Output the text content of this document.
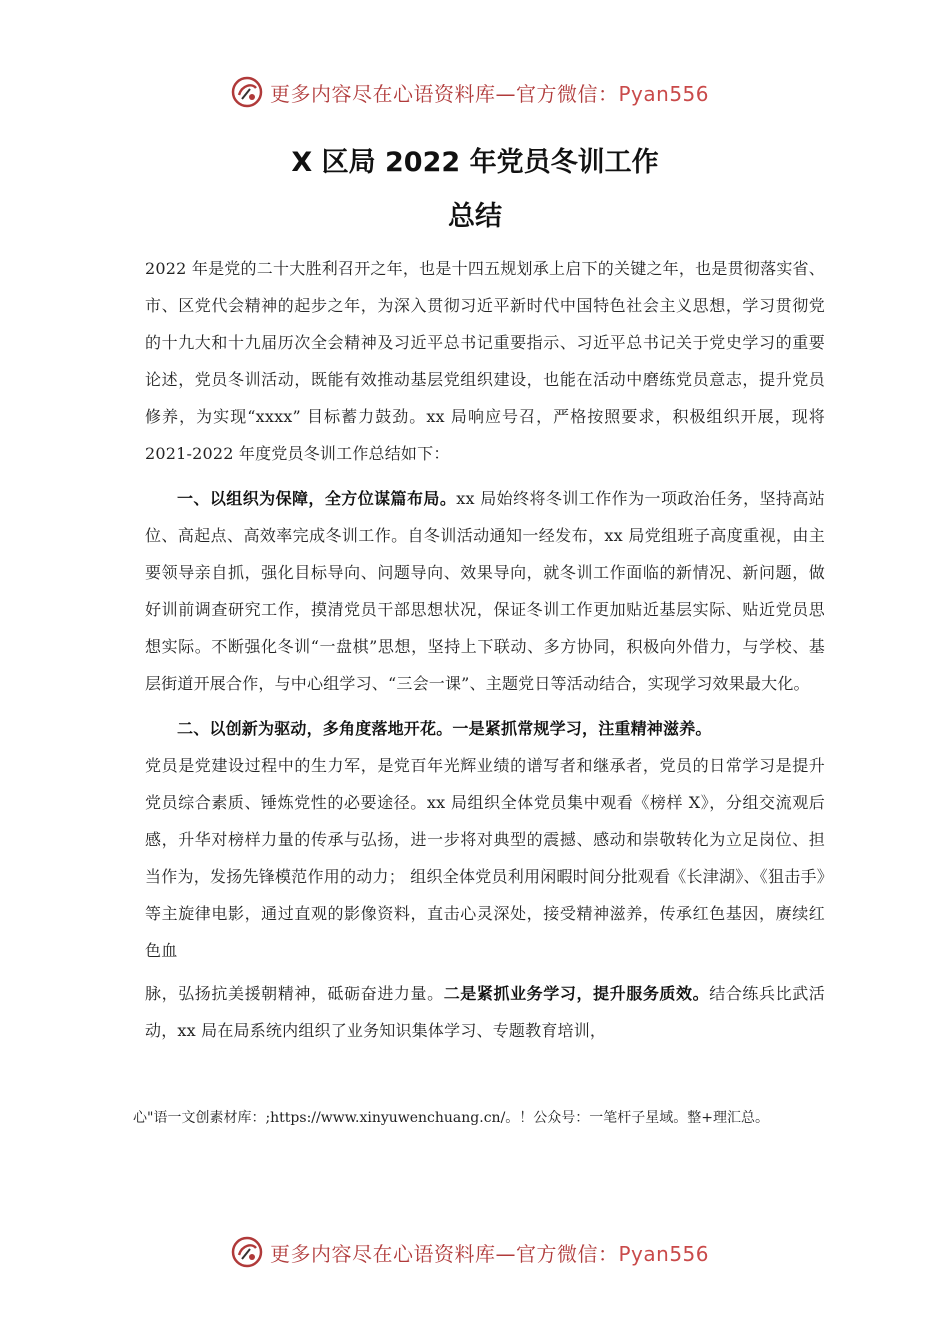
更多内容尽在心语资料库—官方微信：Pyan556
X 区局 2022 年党员冬训工作
总结

2022 年是党的二十大胜利召开之年，也是十四五规划承上启下的关键之年，也是贯彻落实省、市、区党代会精神的起步之年，为深入贯彻习近平新时代中国特色社会主义思想，学习贯彻党的十九大和十九届历次全会精神及习近平总书记重要指示、习近平总书记关于党史学习的重要论述，党员冬训活动，既能有效推动基层党组织建设，也能在活动中磨练党员意志，提升党员修养，为实现“xxxx” 目标蓄力鼓劲。xx 局响应号召，严格按照要求，积极组织开展，现将 2021-2022 年度党员冬训工作总结如下：

一、以组织为保障，全方位谋篇布局。xx 局始终将冬训工作作为一项政治任务，坚持高站位、高起点、高效率完成冬训工作。自冬训活动通知一经发布，xx 局党组班子高度重视，由主要领导亲自抓，强化目标导向、问题导向、效果导向，就冬训工作面临的新情况、新问题，做好训前调查研究工作，摸清党员干部思想状况，保证冬训工作更加贴近基层实际、贴近党员思想实际。不断强化冬训“一盘棋”思想，坚持上下联动、多方协同，积极向外借力，与学校、基层街道开展合作，与中心组学习、“三会一课”、主题党日等活动结合，实现学习效果最大化。

二、以创新为驱动，多角度落地开花。一是紧抓常规学习，注重精神滋养。

党员是党建设过程中的生力军，是党百年光辉业绩的谱写者和继承者，党员的日常学习是提升党员综合素质、锤炼党性的必要途径。xx 局组织全体党员集中观看《榜样 X》，分组交流观后感，升华对榜样力量的传承与弘扬，进一步将对典型的震撼、感动和崇敬转化为立足岗位、担当作为，发扬先锋模范作用的动力； 组织全体党员利用闲暇时间分批观看《长津湖》、《狙击手》等主旋律电影，通过直观的影像资料，直击心灵深处，接受精神滋养，传承红色基因，赓续红色血

脉，弘扬抗美援朝精神，砥砺奋进力量。二是紧抓业务学习，提升服务质效。结合练兵比武活动，xx 局在局系统内组织了业务知识集体学习、专题教育培训，

心"语一文创素材库：;https://www.xinyuwenchuang.cn/。！公众号：一笔杆子星域。整+理汇总。

更多内容尽在心语资料库—官方微信：Pyan556
